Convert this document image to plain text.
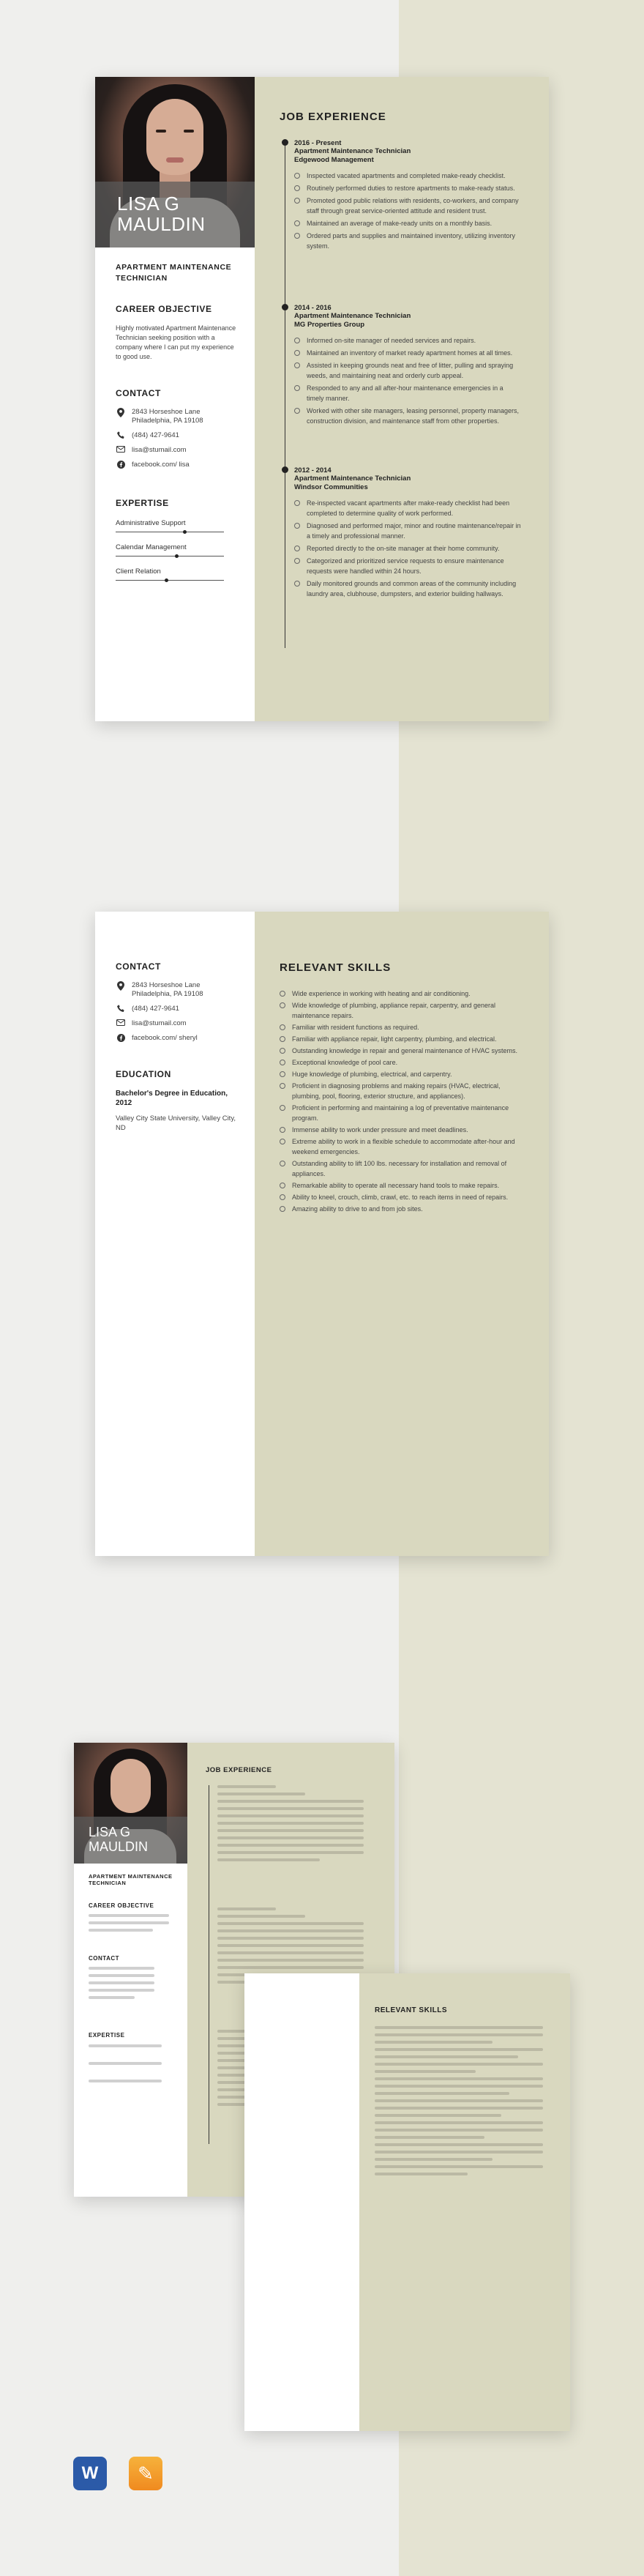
LISA G
MAULDIN
APARTMENT MAINTENANCE TECHNICIAN
CAREER OBJECTIVE
Highly motivated Apartment Maintenance Technician seeking position with a company where I can put my experience to good use.
CONTACT
2843 Horseshoe Lane
Philadelphia, PA 19108
(484) 427-9641
lisa@stumail.com
facebook.com/ lisa
EXPERTISE
Administrative Support
Calendar Management
Client Relation
JOB EXPERIENCE
2016 - Present
Apartment Maintenance Technician
Edgewood Management
Inspected vacated apartments and completed make-ready checklist.
Routinely performed duties to restore apartments to make-ready status.
Promoted good public relations with residents, co-workers, and company staff through great service-oriented attitude and resident trust.
Maintained an average of make-ready units on a monthly basis.
Ordered parts and supplies and maintained inventory, utilizing inventory system.
2014 - 2016
Apartment Maintenance Technician
MG Properties Group
Informed on-site manager of needed services and repairs.
Maintained an inventory of market ready apartment homes at all times.
Assisted in keeping grounds neat and free of litter, pulling and spraying weeds, and maintaining neat and orderly curb appeal.
Responded to any and all after-hour maintenance emergencies in a timely manner.
Worked with other site managers, leasing personnel, property managers, construction division, and maintenance staff from other properties.
2012 - 2014
Apartment Maintenance Technician
Windsor Communities
Re-inspected vacant apartments after make-ready checklist had been completed to determine quality of work performed.
Diagnosed and performed major, minor and routine maintenance/repair in a timely and professional manner.
Reported directly to the on-site manager at their home community.
Categorized and prioritized service requests to ensure maintenance requests were handled within 24 hours.
Daily monitored grounds and common areas of the community including laundry area, clubhouse, dumpsters, and exterior building hallways.
CONTACT
2843 Horseshoe Lane
Philadelphia, PA 19108
(484) 427-9641
lisa@stumail.com
facebook.com/ sheryl
EDUCATION
Bachelor's Degree in Education, 2012
Valley City State University, Valley City, ND
RELEVANT SKILLS
Wide experience in working with heating and air conditioning.
Wide knowledge of plumbing, appliance repair, carpentry, and general maintenance repairs.
Familiar with resident functions as required.
Familiar with appliance repair, light carpentry, plumbing, and electrical.
Outstanding knowledge in repair and general maintenance of HVAC systems.
Exceptional knowledge of pool care.
Huge knowledge of plumbing, electrical, and carpentry.
Proficient in diagnosing problems and making repairs (HVAC, electrical, plumbing, pool, flooring, exterior structure, and appliances).
Proficient in performing and maintaining a log of preventative maintenance program.
Immense ability to work under pressure and meet deadlines.
Extreme ability to work in a flexible schedule to accommodate after-hour and weekend emergencies.
Outstanding ability to lift 100 lbs. necessary for installation and removal of appliances.
Remarkable ability to operate all necessary hand tools to make repairs.
Ability to kneel, crouch, climb, crawl, etc. to reach items in need of repairs.
Amazing ability to drive to and from job sites.
LISA G
MAULDIN
APARTMENT MAINTENANCE TECHNICIAN
CAREER OBJECTIVE
CONTACT
EXPERTISE
JOB EXPERIENCE
RELEVANT SKILLS
W ✎
